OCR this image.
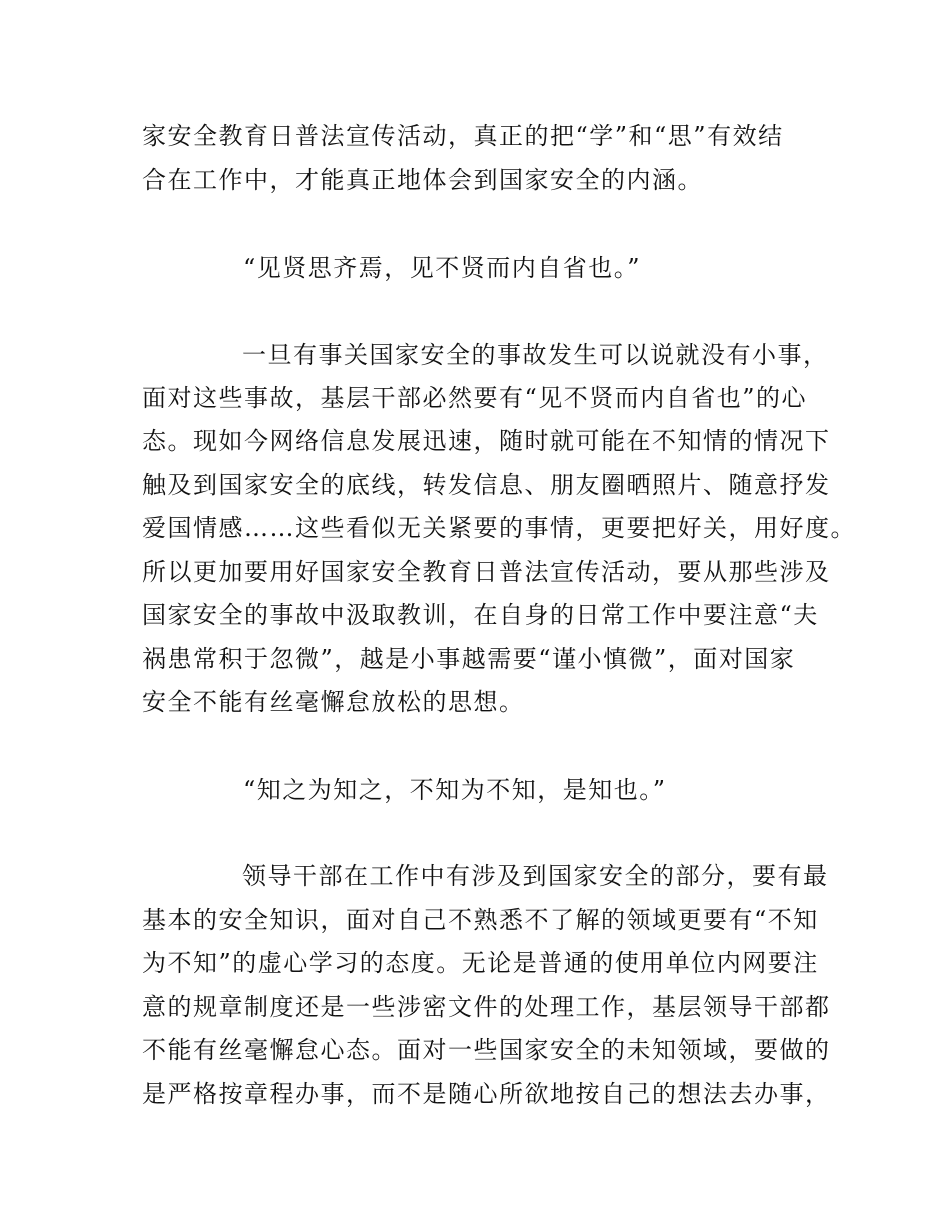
家安全教育日普法宣传活动，真正的把“学”和“思”有效结
合在工作中，才能真正地体会到国家安全的内涵。
“见贤思齐焉，见不贤而内自省也。”
一旦有事关国家安全的事故发生可以说就没有小事，
面对这些事故，基层干部必然要有“见不贤而内自省也”的心
态。现如今网络信息发展迅速，随时就可能在不知情的情况下
触及到国家安全的底线，转发信息、朋友圈晒照片、随意抒发
爱国情感……这些看似无关紧要的事情，更要把好关，用好度。
所以更加要用好国家安全教育日普法宣传活动，要从那些涉及
国家安全的事故中汲取教训，在自身的日常工作中要注意“夫
祸患常积于忽微”，越是小事越需要“谨小慎微”，面对国家
安全不能有丝毫懈怠放松的思想。
“知之为知之，不知为不知，是知也。”
领导干部在工作中有涉及到国家安全的部分，要有最
基本的安全知识，面对自己不熟悉不了解的领域更要有“不知
为不知”的虚心学习的态度。无论是普通的使用单位内网要注
意的规章制度还是一些涉密文件的处理工作，基层领导干部都
不能有丝毫懈怠心态。面对一些国家安全的未知领域，要做的
是严格按章程办事，而不是随心所欲地按自己的想法去办事，
